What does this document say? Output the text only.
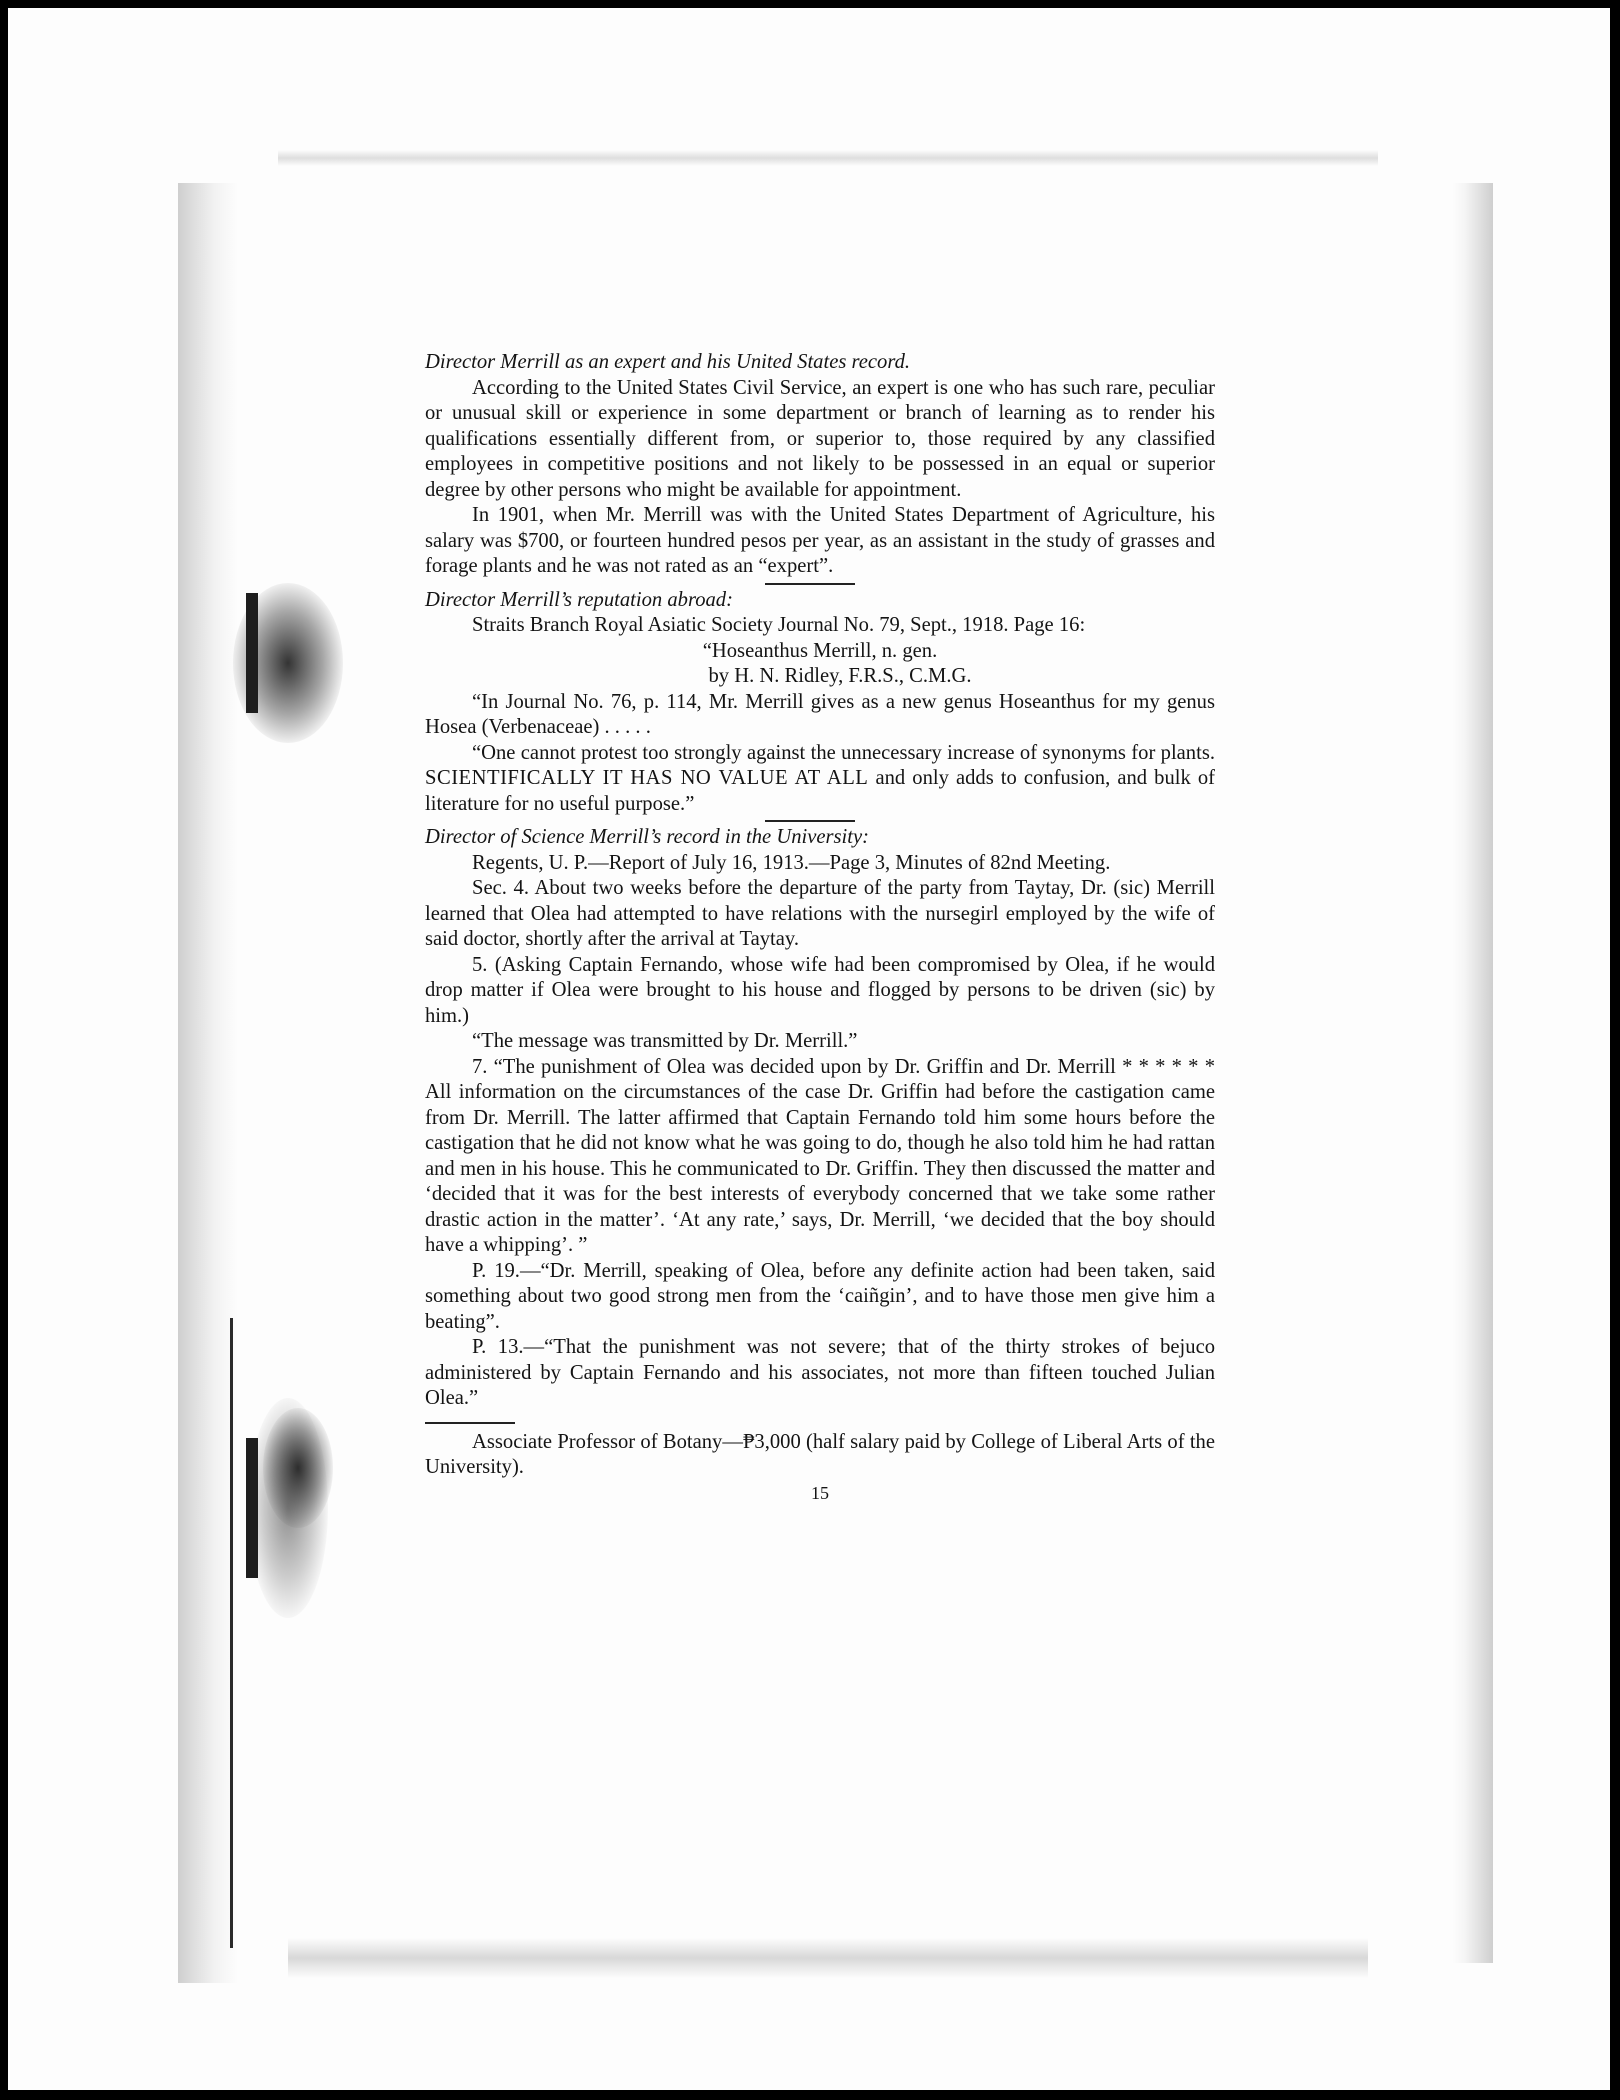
Director Merrill as an expert and his United States record.

According to the United States Civil Service, an expert is one who has such rare, peculiar or unusual skill or experience in some department or branch of learning as to render his qualifications essentially different from, or superior to, those required by any classified employees in competitive positions and not likely to be possessed in an equal or superior degree by other persons who might be available for appointment.

In 1901, when Mr. Merrill was with the United States Department of Agriculture, his salary was $700, or fourteen hundred pesos per year, as an assistant in the study of grasses and forage plants and he was not rated as an “expert”.

Director Merrill’s reputation abroad:

Straits Branch Royal Asiatic Society Journal No. 79, Sept., 1918. Page 16:

“Hoseanthus Merrill, n. gen.

by H. N. Ridley, F.R.S., C.M.G.

“In Journal No. 76, p. 114, Mr. Merrill gives as a new genus Hoseanthus for my genus Hosea (Verbenaceae) . . . . .

“One cannot protest too strongly against the unnecessary increase of synonyms for plants. SCIENTIFICALLY IT HAS NO VALUE AT ALL and only adds to confusion, and bulk of literature for no useful purpose.”

Director of Science Merrill’s record in the University:

Regents, U. P.—Report of July 16, 1913.—Page 3, Minutes of 82nd Meeting.

Sec. 4. About two weeks before the departure of the party from Taytay, Dr. (sic) Merrill learned that Olea had attempted to have relations with the nursegirl employed by the wife of said doctor, shortly after the arrival at Taytay.

5. (Asking Captain Fernando, whose wife had been compromised by Olea, if he would drop matter if Olea were brought to his house and flogged by persons to be driven (sic) by him.)

“The message was transmitted by Dr. Merrill.”

7. “The punishment of Olea was decided upon by Dr. Griffin and Dr. Merrill * * * * * * All information on the circumstances of the case Dr. Griffin had before the castigation came from Dr. Merrill. The latter affirmed that Captain Fernando told him some hours before the castigation that he did not know what he was going to do, though he also told him he had rattan and men in his house. This he communicated to Dr. Griffin. They then discussed the matter and ‘decided that it was for the best interests of everybody concerned that we take some rather drastic action in the matter’. ‘At any rate,’ says, Dr. Merrill, ‘we decided that the boy should have a whipping’. ”

P. 19.—“Dr. Merrill, speaking of Olea, before any definite action had been taken, said something about two good strong men from the ‘caiñgin’, and to have those men give him a beating”.

P. 13.—“That the punishment was not severe; that of the thirty strokes of bejuco administered by Captain Fernando and his associates, not more than fifteen touched Julian Olea.”

Associate Professor of Botany—₱3,000 (half salary paid by College of Liberal Arts of the University).

15
